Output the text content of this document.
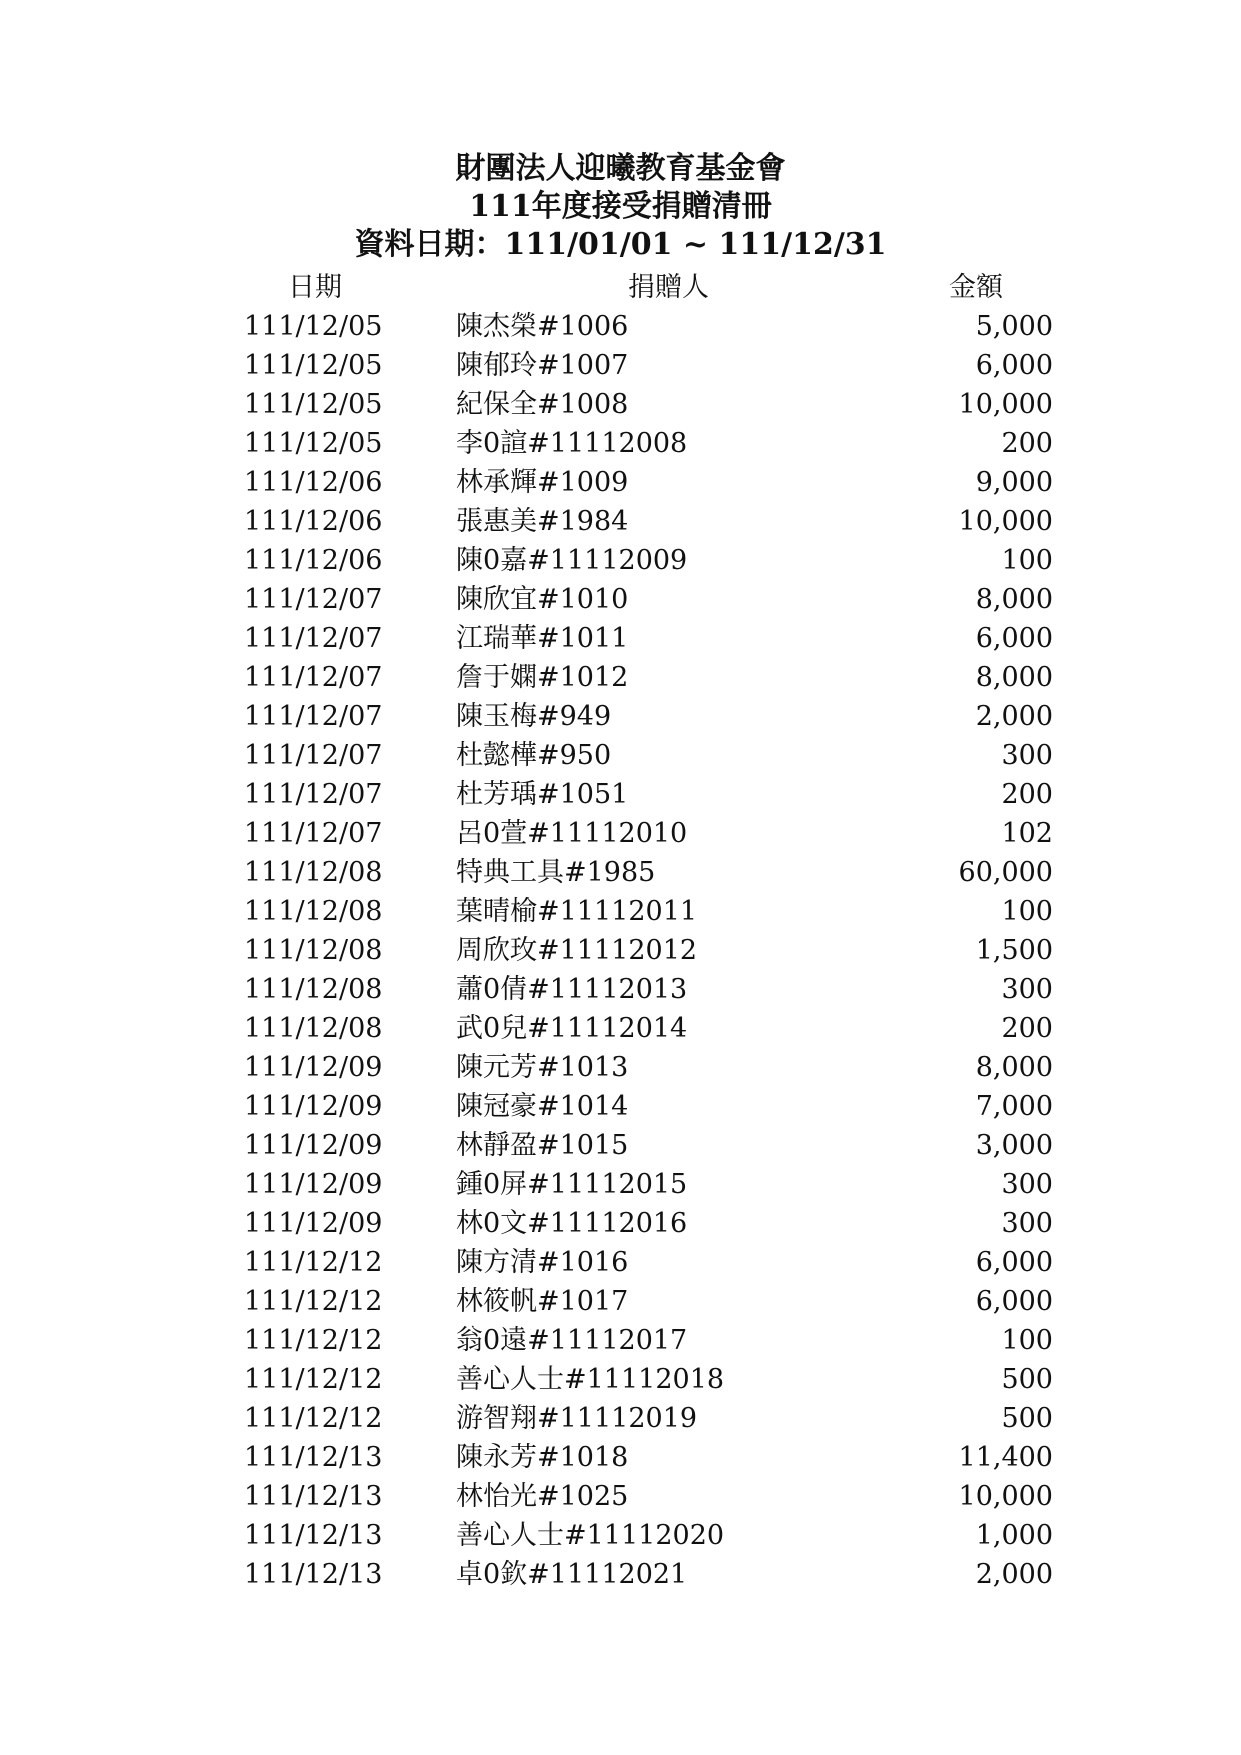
財團法人迎曦教育基金會
111年度接受捐贈清冊
資料日期：111/01/01 ~ 111/12/31
日期	捐贈人	金額
111/12/05	陳杰榮#1006	5,000
111/12/05	陳郁玲#1007	6,000
111/12/05	紀保全#1008	10,000
111/12/05	李0諠#11112008	200
111/12/06	林承輝#1009	9,000
111/12/06	張惠美#1984	10,000
111/12/06	陳0嘉#11112009	100
111/12/07	陳欣宜#1010	8,000
111/12/07	江瑞華#1011	6,000
111/12/07	詹于嫻#1012	8,000
111/12/07	陳玉梅#949	2,000
111/12/07	杜懿樺#950	300
111/12/07	杜芳瑀#1051	200
111/12/07	呂0萱#11112010	102
111/12/08	特典工具#1985	60,000
111/12/08	葉晴榆#11112011	100
111/12/08	周欣玫#11112012	1,500
111/12/08	蕭0倩#11112013	300
111/12/08	武0兒#11112014	200
111/12/09	陳元芳#1013	8,000
111/12/09	陳冠豪#1014	7,000
111/12/09	林靜盈#1015	3,000
111/12/09	鍾0屏#11112015	300
111/12/09	林0文#11112016	300
111/12/12	陳方清#1016	6,000
111/12/12	林筱帆#1017	6,000
111/12/12	翁0遠#11112017	100
111/12/12	善心人士#11112018	500
111/12/12	游智翔#11112019	500
111/12/13	陳永芳#1018	11,400
111/12/13	林怡光#1025	10,000
111/12/13	善心人士#11112020	1,000
111/12/13	卓0欽#11112021	2,000
